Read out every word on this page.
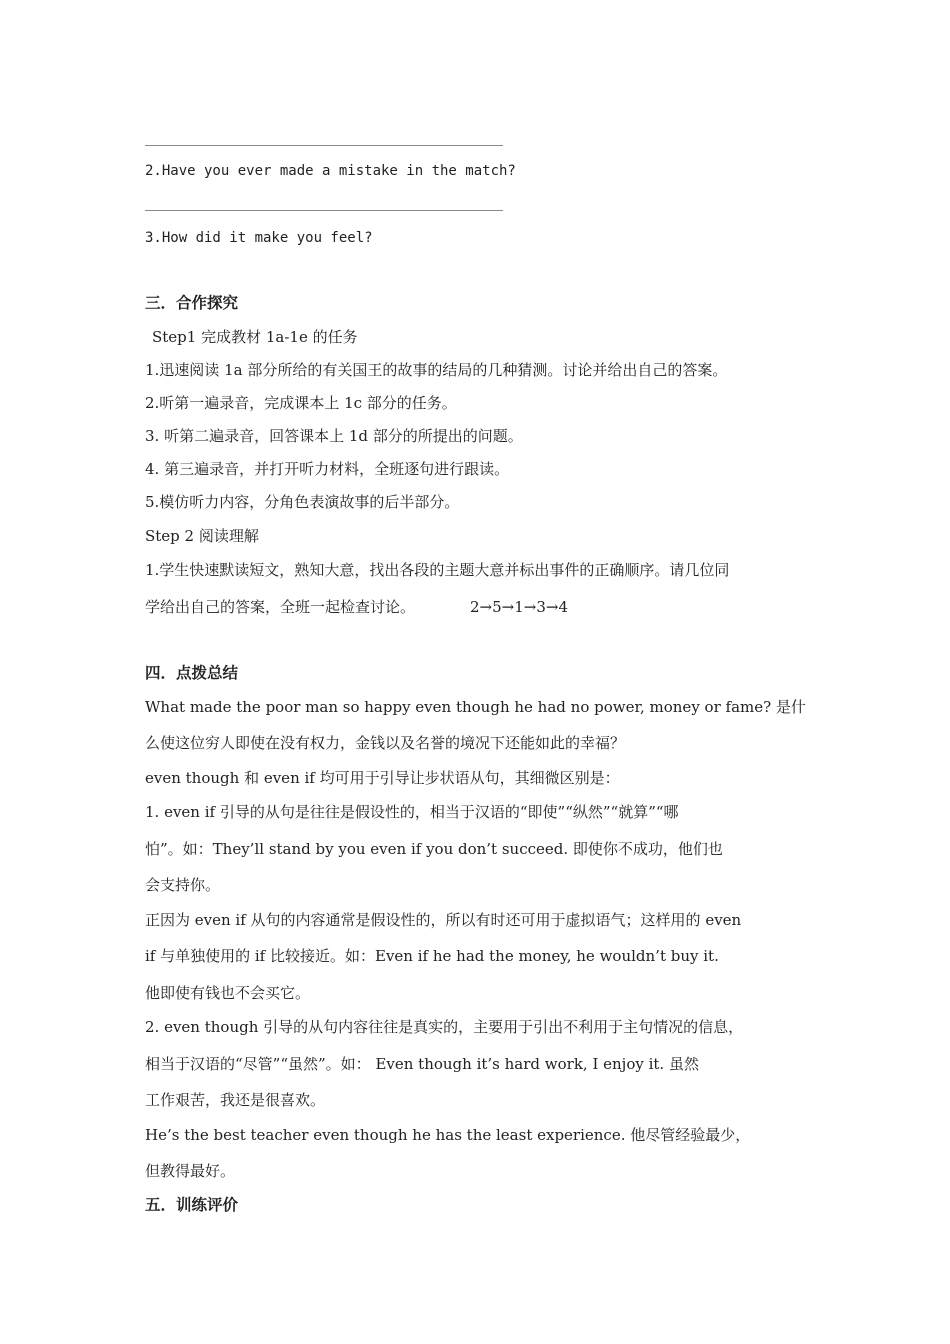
2.Have you ever made a mistake in the match?
3.How did it make you feel?
三．合作探究
Step1 完成教材 1a-1e 的任务
1.迅速阅读 1a 部分所给的有关国王的故事的结局的几种猜测。讨论并给出自己的答案。
2.听第一遍录音，完成课本上 1c 部分的任务。
3. 听第二遍录音，回答课本上 1d 部分的所提出的问题。
4. 第三遍录音，并打开听力材料，全班逐句进行跟读。
5.模仿听力内容，分角色表演故事的后半部分。
Step 2 阅读理解
1.学生快速默读短文，熟知大意，找出各段的主题大意并标出事件的正确顺序。请几位同
学给出自己的答案，全班一起检查讨论。	2→5→1→3→4
四．点拨总结
What made the poor man so happy even though he had no power, money or fame? 是什
么使这位穷人即使在没有权力，金钱以及名誉的境况下还能如此的幸福？
even though 和 even if 均可用于引导让步状语从句，其细微区别是：
1. even if 引导的从句是往往是假设性的，相当于汉语的“即使”“纵然”“就算”“哪
怕”。如：They’ll stand by you even if you don’t succeed. 即使你不成功，他们也
会支持你。
正因为 even if 从句的内容通常是假设性的，所以有时还可用于虚拟语气；这样用的 even
if 与单独使用的 if 比较接近。如：Even if he had the money, he wouldn’t buy it.
他即使有钱也不会买它。
2. even though 引导的从句内容往往是真实的，主要用于引出不利用于主句情况的信息，
相当于汉语的“尽管”“虽然”。如： Even though it’s hard work, I enjoy it. 虽然
工作艰苦，我还是很喜欢。
He’s the best teacher even though he has the least experience. 他尽管经验最少，
但教得最好。
五．训练评价
